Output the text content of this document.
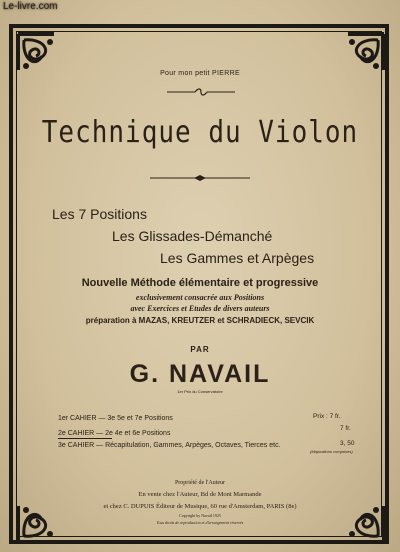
Le-livre.com
Pour mon petit PIERRE
Technique du Violon
Les 7 Positions
Les Glissades-Démanché
Les Gammes et Arpèges
Nouvelle Méthode élémentaire et progressive
exclusivement consacrée aux Positions
avec Exercices et Etudes de divers auteurs
préparation à MAZAS, KREUTZER et SCHRADIECK, SEVCIK
PAR
G. NAVAIL
1er Prix du Conservatoire
1er CAHIER — 3e 5e et 7e Positions
2e CAHIER — 2e 4e et 6e Positions
3e CAHIER — Récapitulation, Gammes, Arpèges, Octaves, Tierces etc.
Prix : 7 fr.
7 fr.
3, 50
(Majorations comprises)
Propriété de l'Auteur
En vente chez l'Auteur, Bd de Mont Marmande
et chez C. DUPUIS Éditeur de Musique, 60 rue d'Amsterdam, PARIS (8e)
Copyright by Navail 1925
Tous droits de reproduction et d'arrangement réservés
